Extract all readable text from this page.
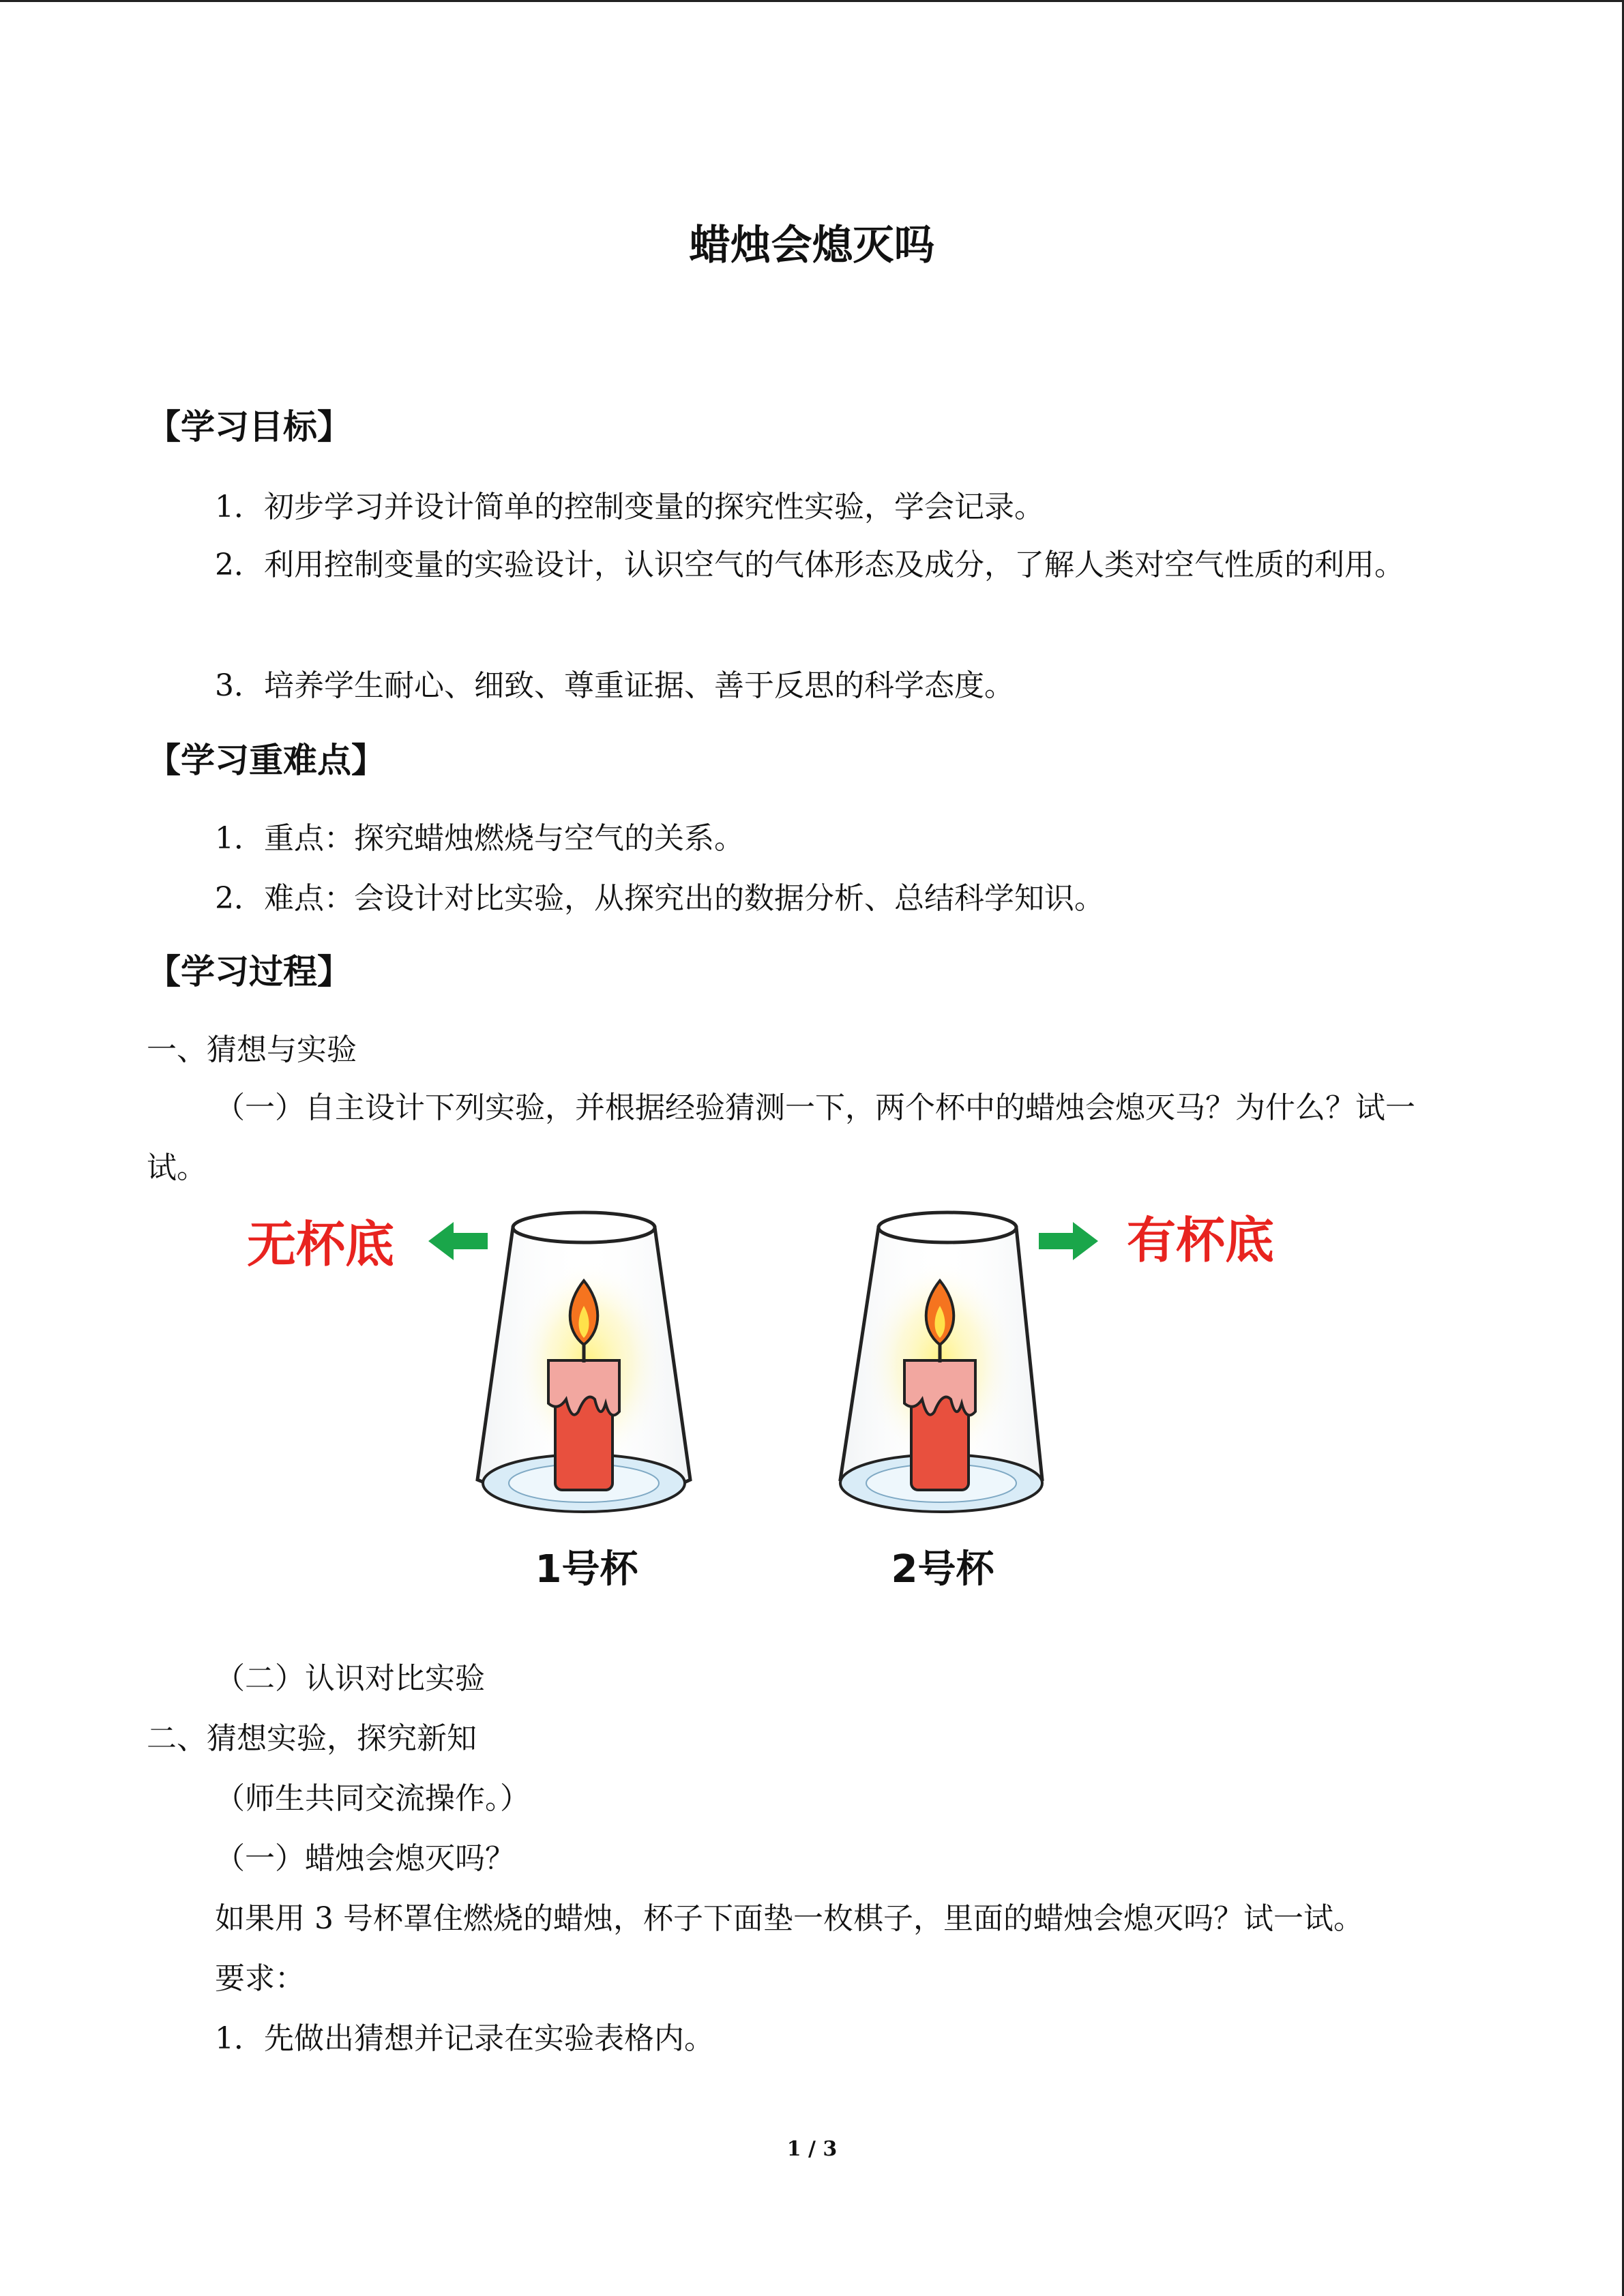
蜡烛会熄灭吗
【学习目标】
1．初步学习并设计简单的控制变量的探究性实验，学会记录。
2．利用控制变量的实验设计，认识空气的气体形态及成分，了解人类对空气性质的利用。
3．培养学生耐心、细致、尊重证据、善于反思的科学态度。
【学习重难点】
1．重点：探究蜡烛燃烧与空气的关系。
2．难点：会设计对比实验，从探究出的数据分析、总结科学知识。
【学习过程】
一、猜想与实验
（一）自主设计下列实验，并根据经验猜测一下，两个杯中的蜡烛会熄灭马？为什么？试一试。
无杯底	有杯底
1号杯	2号杯
（二）认识对比实验
二、猜想实验，探究新知
（师生共同交流操作。）
（一）蜡烛会熄灭吗？
如果用 3 号杯罩住燃烧的蜡烛，杯子下面垫一枚棋子，里面的蜡烛会熄灭吗？试一试。
要求：
1．先做出猜想并记录在实验表格内。
1 / 3
